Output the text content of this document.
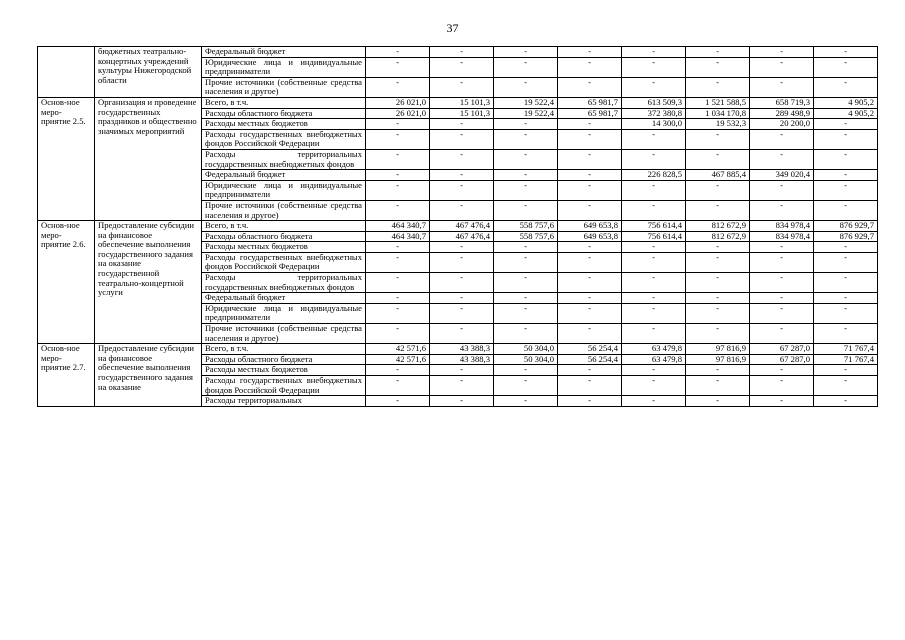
37
	бюджетных театрально-концертных учреждений культуры Нижегородской области	Федеральный бюджет	-	-	-	-	-	-	-	-
		Юридические лица и индивидуальные предприниматели	-	-	-	-	-	-	-	-
		Прочие источники (собственные средства населения и другое)	-	-	-	-	-	-	-	-
Основ-ное меро-приятие 2.5.	Организация и проведение государственных праздников и общественно значимых мероприятий	Всего, в т.ч.	26 021,0	15 101,3	19 522,4	65 981,7	613 509,3	1 521 588,5	658 719,3	4 905,2
		Расходы областного бюджета	26 021,0	15 101,3	19 522,4	65 981,7	372 380,8	1 034 170,8	289 498,9	4 905,2
		Расходы местных бюджетов	-	-	-	-	14 300,0	19 532,3	20 200,0	-
		Расходы государственных внебюджетных фондов Российской Федерации	-	-	-	-	-	-	-	-
		Расходы территориальных государственных внебюджетных фондов	-	-	-	-	-	-	-	-
		Федеральный бюджет	-	-	-	-	226 828,5	467 885,4	349 020,4	-
		Юридические лица и индивидуальные предприниматели	-	-	-	-	-	-	-	-
		Прочие источники (собственные средства населения и другое)	-	-	-	-	-	-	-	-
Основ-ное меро-приятие 2.6.	Предоставление субсидии на финансовое обеспечение выполнения государственного задания на оказание государственной театрально-концертной услуги	Всего, в т.ч.	464 340,7	467 476,4	558 757,6	649 653,8	756 614,4	812 672,9	834 978,4	876 929,7
		Расходы областного бюджета	464 340,7	467 476,4	558 757,6	649 653,8	756 614,4	812 672,9	834 978,4	876 929,7
		Расходы местных бюджетов	-	-	-	-	-	-	-	-
		Расходы государственных внебюджетных фондов Российской Федерации	-	-	-	-	-	-	-	-
		Расходы территориальных государственных внебюджетных фондов	-	-	-	-	-	-	-	-
		Федеральный бюджет	-	-	-	-	-	-	-	-
		Юридические лица и индивидуальные предприниматели	-	-	-	-	-	-	-	-
		Прочие источники (собственные средства населения и другое)	-	-	-	-	-	-	-	-
Основ-ное меро-приятие 2.7.	Предоставление субсидии на финансовое обеспечение выполнения государственного задания на оказание	Всего, в т.ч.	42 571,6	43 388,3	50 304,0	56 254,4	63 479,8	97 816,9	67 287,0	71 767,4
		Расходы областного бюджета	42 571,6	43 388,3	50 304,0	56 254,4	63 479,8	97 816,9	67 287,0	71 767,4
		Расходы местных бюджетов	-	-	-	-	-	-	-	-
		Расходы государственных внебюджетных фондов Российской Федерации	-	-	-	-	-	-	-	-
		Расходы территориальных	-	-	-	-	-	-	-	-
